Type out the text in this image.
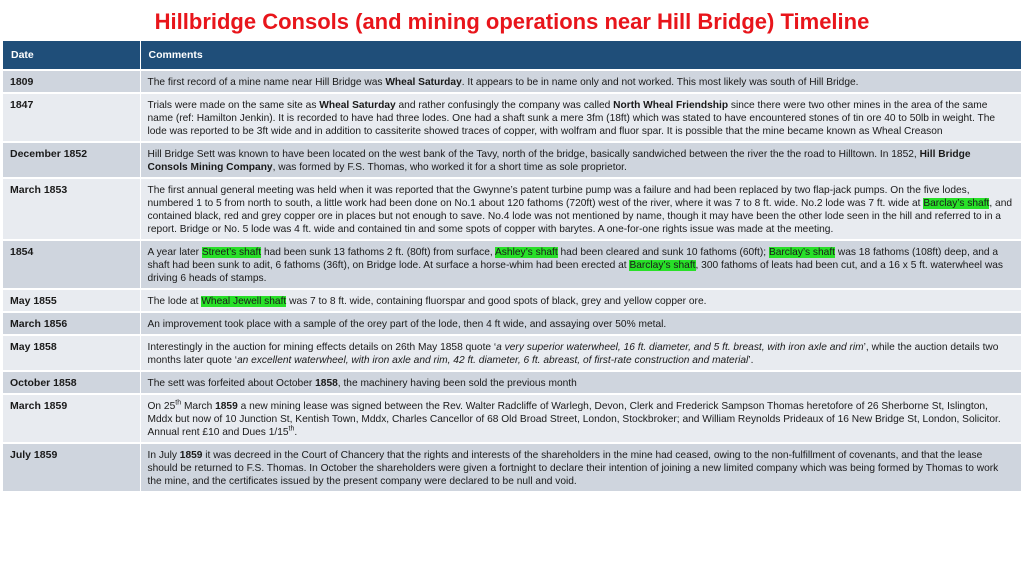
Hillbridge Consols (and mining operations near Hill Bridge) Timeline
Date	Comments
1809	The first record of a mine name near Hill Bridge was Wheal Saturday. It appears to be in name only and not worked. This most likely was south of Hill Bridge.
1847	Trials were made on the same site as Wheal Saturday and rather confusingly the company was called North Wheal Friendship since there were two other mines in the area of the same name (ref: Hamilton Jenkin). It is recorded to have had three lodes. One had a shaft sunk a mere 3fm (18ft) which was stated to have encountered stones of tin ore 40 to 50lb in weight. The lode was reported to be 3ft wide and in addition to cassiterite showed traces of copper, with wolfram and fluor spar. It is possible that the mine became known as Wheal Creason
December 1852	Hill Bridge Sett was known to have been located on the west bank of the Tavy, north of the bridge, basically sandwiched between the river the the road to Hilltown. In 1852, Hill Bridge Consols Mining Company, was formed by F.S. Thomas, who worked it for a short time as sole proprietor.
March 1853	The first annual general meeting was held when it was reported that the Gwynne’s patent turbine pump was a failure and had been replaced by two flap-jack pumps. On the five lodes, numbered 1 to 5 from north to south, a little work had been done on No.1 about 120 fathoms (720ft) west of the river, where it was 7 to 8 ft. wide. No.2 lode was 7 ft. wide at Barclay’s shaft, and contained black, red and grey copper ore in places but not enough to save. No.4 lode was not mentioned by name, though it may have been the other lode seen in the hill and referred to in a report. Bridge or No. 5 lode was 4 ft. wide and contained tin and some spots of copper with barytes. A one-for-one rights issue was made at the meeting.
1854	A year later Street’s shaft had been sunk 13 fathoms 2 ft. (80ft) from surface, Ashley’s shaft had been cleared and sunk 10 fathoms (60ft); Barclay’s shaft was 18 fathoms (108ft) deep, and a shaft had been sunk to adit, 6 fathoms (36ft), on Bridge lode. At surface a horse-whim had been erected at Barclay’s shaft, 300 fathoms of leats had been cut, and a 16 x 5 ft. waterwheel was driving 6 heads of stamps.
May 1855	The lode at Wheal Jewell shaft was 7 to 8 ft. wide, containing fluorspar and good spots of black, grey and yellow copper ore.
March 1856	An improvement took place with a sample of the orey part of the lode, then 4 ft wide, and assaying over 50% metal.
May 1858	Interestingly in the auction for mining effects details on 26th May 1858 quote ‘a very superior waterwheel, 16 ft. diameter, and 5 ft. breast, with iron axle and rim’, while the auction details two months later quote ‘an excellent waterwheel, with iron axle and rim, 42 ft. diameter, 6 ft. abreast, of first-rate construction and material’.
October 1858	The sett was forfeited about October 1858, the machinery having been sold the previous month
March 1859	On 25th March 1859 a new mining lease was signed between the Rev. Walter Radcliffe of Warlegh, Devon, Clerk and Frederick Sampson Thomas heretofore of 26 Sherborne St, Islington, Mddx but now of 10 Junction St, Kentish Town, Mddx, Charles Cancellor of 68 Old Broad Street, London, Stockbroker; and William Reynolds Prideaux of 16 New Bridge St, London, Solicitor. Annual rent £10 and Dues 1/15th.
July 1859	In July 1859 it was decreed in the Court of Chancery that the rights and interests of the shareholders in the mine had ceased, owing to the non-fulfillment of covenants, and that the lease should be returned to F.S. Thomas. In October the shareholders were given a fortnight to declare their intention of joining a new limited company which was being formed by Thomas to work the mine, and the certificates issued by the present company were declared to be null and void.
